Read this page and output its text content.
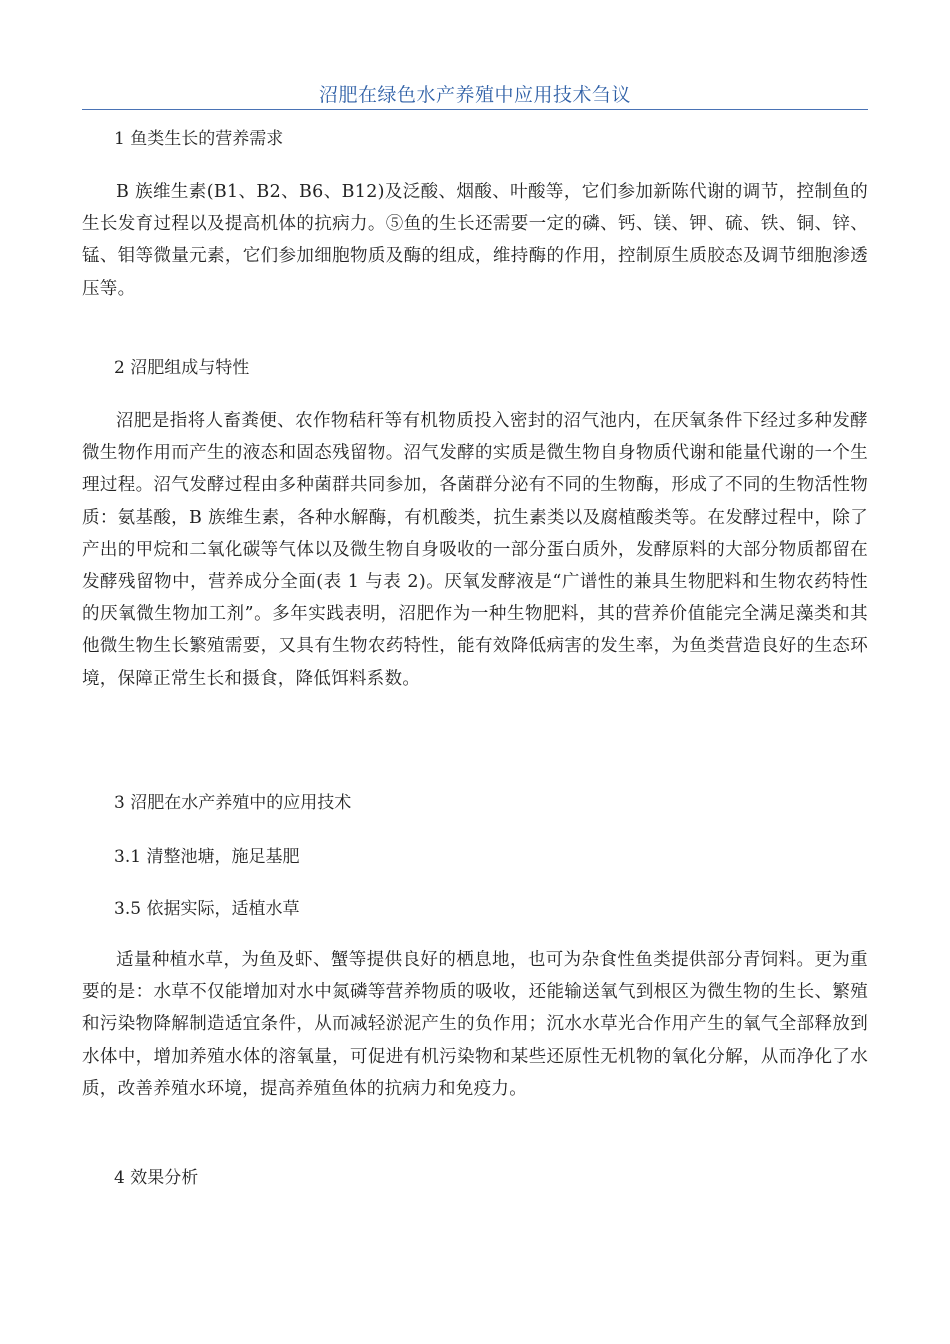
沼肥在绿色水产养殖中应用技术刍议
1 鱼类生长的营养需求

B 族维生素(B1、B2、B6、B12)及泛酸、烟酸、叶酸等，它们参加新陈代谢的调节，控制鱼的生长发育过程以及提高机体的抗病力。⑤鱼的生长还需要一定的磷、钙、镁、钾、硫、铁、铜、锌、锰、钼等微量元素，它们参加细胞物质及酶的组成，维持酶的作用，控制原生质胶态及调节细胞渗透压等。

2 沼肥组成与特性

沼肥是指将人畜粪便、农作物秸秆等有机物质投入密封的沼气池内，在厌氧条件下经过多种发酵微生物作用而产生的液态和固态残留物。沼气发酵的实质是微生物自身物质代谢和能量代谢的一个生理过程。沼气发酵过程由多种菌群共同参加，各菌群分泌有不同的生物酶，形成了不同的生物活性物质：氨基酸，B 族维生素，各种水解酶，有机酸类，抗生素类以及腐植酸类等。在发酵过程中，除了产出的甲烷和二氧化碳等气体以及微生物自身吸收的一部分蛋白质外，发酵原料的大部分物质都留在发酵残留物中，营养成分全面(表 1 与表 2)。厌氧发酵液是“广谱性的兼具生物肥料和生物农药特性的厌氧微生物加工剂”。多年实践表明，沼肥作为一种生物肥料，其的营养价值能完全满足藻类和其他微生物生长繁殖需要，又具有生物农药特性，能有效降低病害的发生率，为鱼类营造良好的生态环境，保障正常生长和摄食，降低饵料系数。

3 沼肥在水产养殖中的应用技术
3.1 清整池塘，施足基肥
3.5 依据实际，适植水草

适量种植水草，为鱼及虾、蟹等提供良好的栖息地，也可为杂食性鱼类提供部分青饲料。更为重要的是：水草不仅能增加对水中氮磷等营养物质的吸收，还能输送氧气到根区为微生物的生长、繁殖和污染物降解制造适宜条件，从而减轻淤泥产生的负作用；沉水水草光合作用产生的氧气全部释放到水体中，增加养殖水体的溶氧量，可促进有机污染物和某些还原性无机物的氧化分解，从而净化了水质，改善养殖水环境，提高养殖鱼体的抗病力和免疫力。

4 效果分析
